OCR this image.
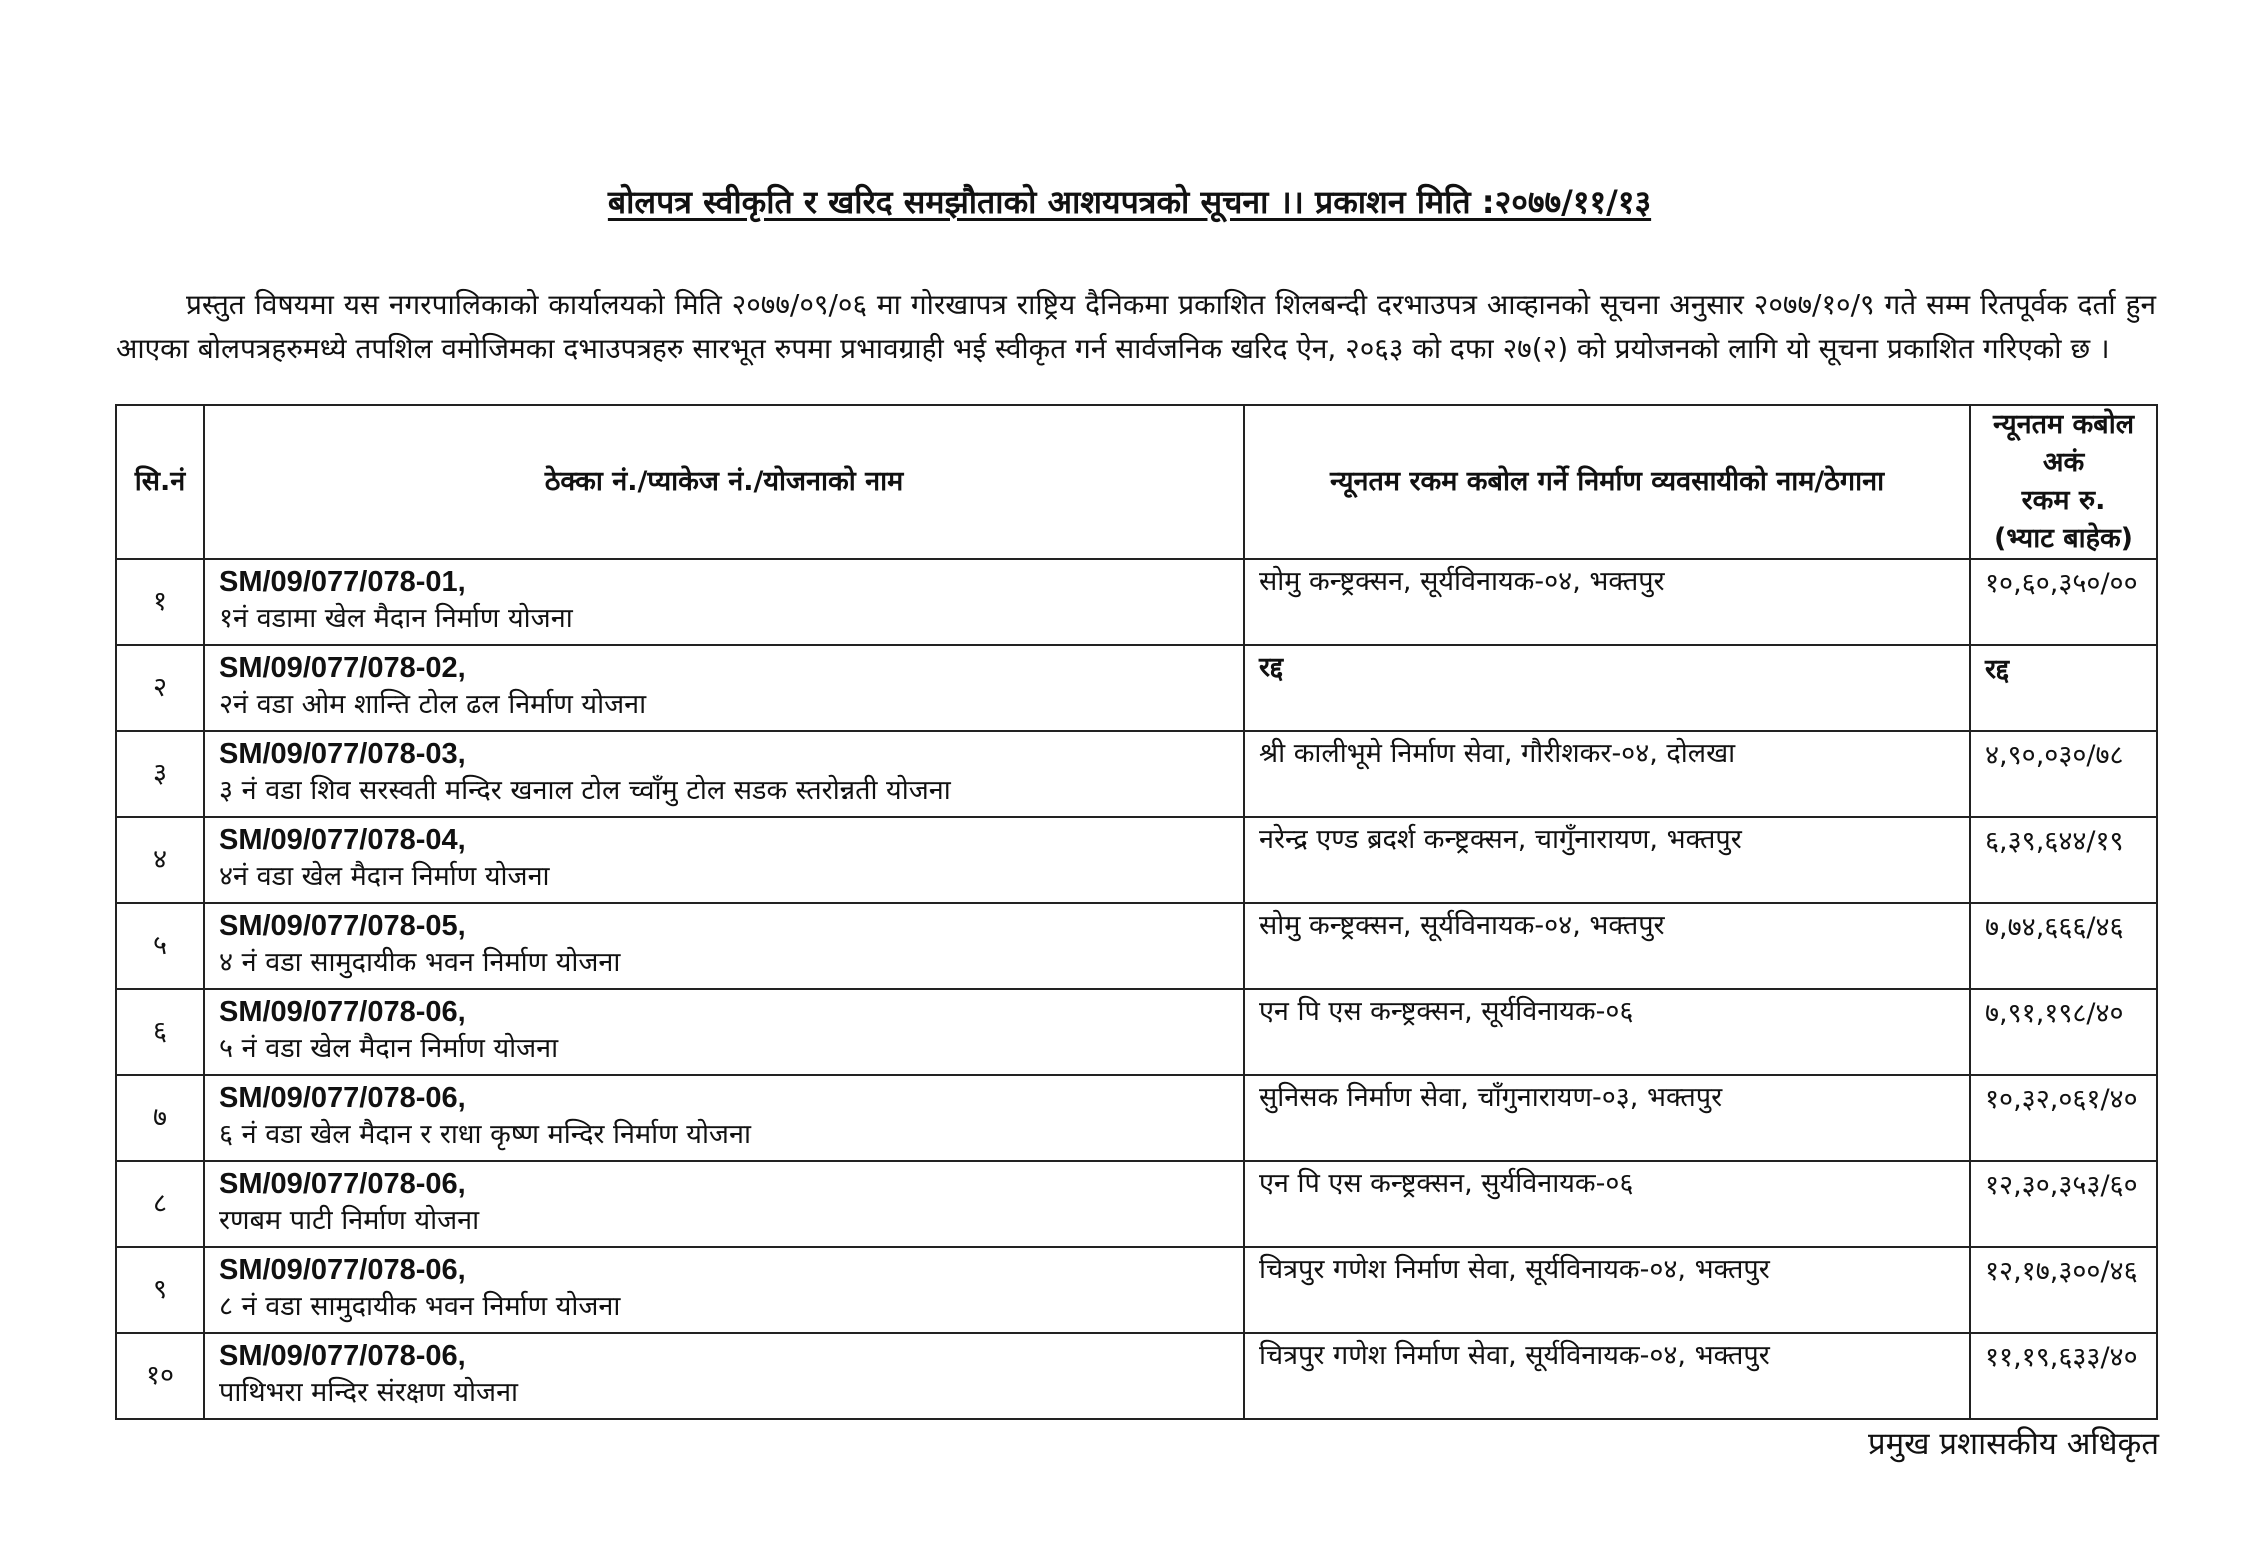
बोलपत्र स्वीकृति र खरिद समझौताको आशयपत्रको सूचना ।। प्रकाशन मिति :२०७७/११/१३

प्रस्तुत विषयमा यस नगरपालिकाको कार्यालयको मिति २०७७/०९/०६ मा गोरखापत्र राष्ट्रिय दैनिकमा प्रकाशित शिलबन्दी दरभाउपत्र आव्हानको सूचना अनुसार २०७७/१०/९ गते सम्म रितपूर्वक दर्ता हुन आएका बोलपत्रहरुमध्ये तपशिल वमोजिमका दभाउपत्रहरु सारभूत रुपमा प्रभावग्राही भई स्वीकृत गर्न सार्वजनिक खरिद ऐन, २०६३ को दफा २७(२) को प्रयोजनको लागि यो सूचना प्रकाशित गरिएको छ ।

सि.नं	ठेक्का नं./प्याकेज नं./योजनाको नाम	न्यूनतम रकम कबोल गर्ने निर्माण व्यवसायीको नाम/ठेगाना	न्यूनतम कबोल अकं
रकम रु.
(भ्याट बाहेक)

१	SM/09/077/078-01,
१नं वडामा खेल मैदान निर्माण योजना	सोमु कन्ष्ट्रक्सन, सूर्यविनायक-०४, भक्तपुर	१०,६०,३५०/००

२	SM/09/077/078-02,
२नं वडा ओम शान्ति टोल ढल निर्माण योजना	रद्द	रद्द

३	SM/09/077/078-03,
३ नं वडा शिव सरस्वती मन्दिर खनाल टोल च्वाँमु टोल सडक स्तरोन्नती योजना	श्री कालीभूमे निर्माण सेवा, गौरीशकर-०४, दोलखा	४,९०,०३०/७८

४	SM/09/077/078-04,
४नं वडा खेल मैदान निर्माण योजना	नरेन्द्र एण्ड ब्रदर्श कन्ष्ट्रक्सन, चागुँनारायण, भक्तपुर	६,३९,६४४/१९

५	SM/09/077/078-05,
४ नं वडा सामुदायीक भवन निर्माण योजना	सोमु कन्ष्ट्रक्सन, सूर्यविनायक-०४, भक्तपुर	७,७४,६६६/४६

६	SM/09/077/078-06,
५ नं वडा खेल मैदान निर्माण योजना	एन पि एस कन्ष्ट्रक्सन, सूर्यविनायक-०६	७,९१,१९८/४०

७	SM/09/077/078-06,
६ नं वडा खेल मैदान र राधा कृष्ण मन्दिर निर्माण योजना	सुनिसक निर्माण सेवा, चाँगुनारायण-०३, भक्तपुर	१०,३२,०६१/४०

८	SM/09/077/078-06,
रणबम पाटी निर्माण योजना	एन पि एस कन्ष्ट्रक्सन, सुर्यविनायक-०६	१२,३०,३५३/६०

९	SM/09/077/078-06,
८ नं वडा सामुदायीक भवन निर्माण योजना	चित्रपुर गणेश निर्माण सेवा, सूर्यविनायक-०४, भक्तपुर	१२,१७,३००/४६

१०	SM/09/077/078-06,
पाथिभरा मन्दिर संरक्षण योजना	चित्रपुर गणेश निर्माण सेवा, सूर्यविनायक-०४, भक्तपुर	११,१९,६३३/४०
प्रमुख प्रशासकीय अधिकृत
